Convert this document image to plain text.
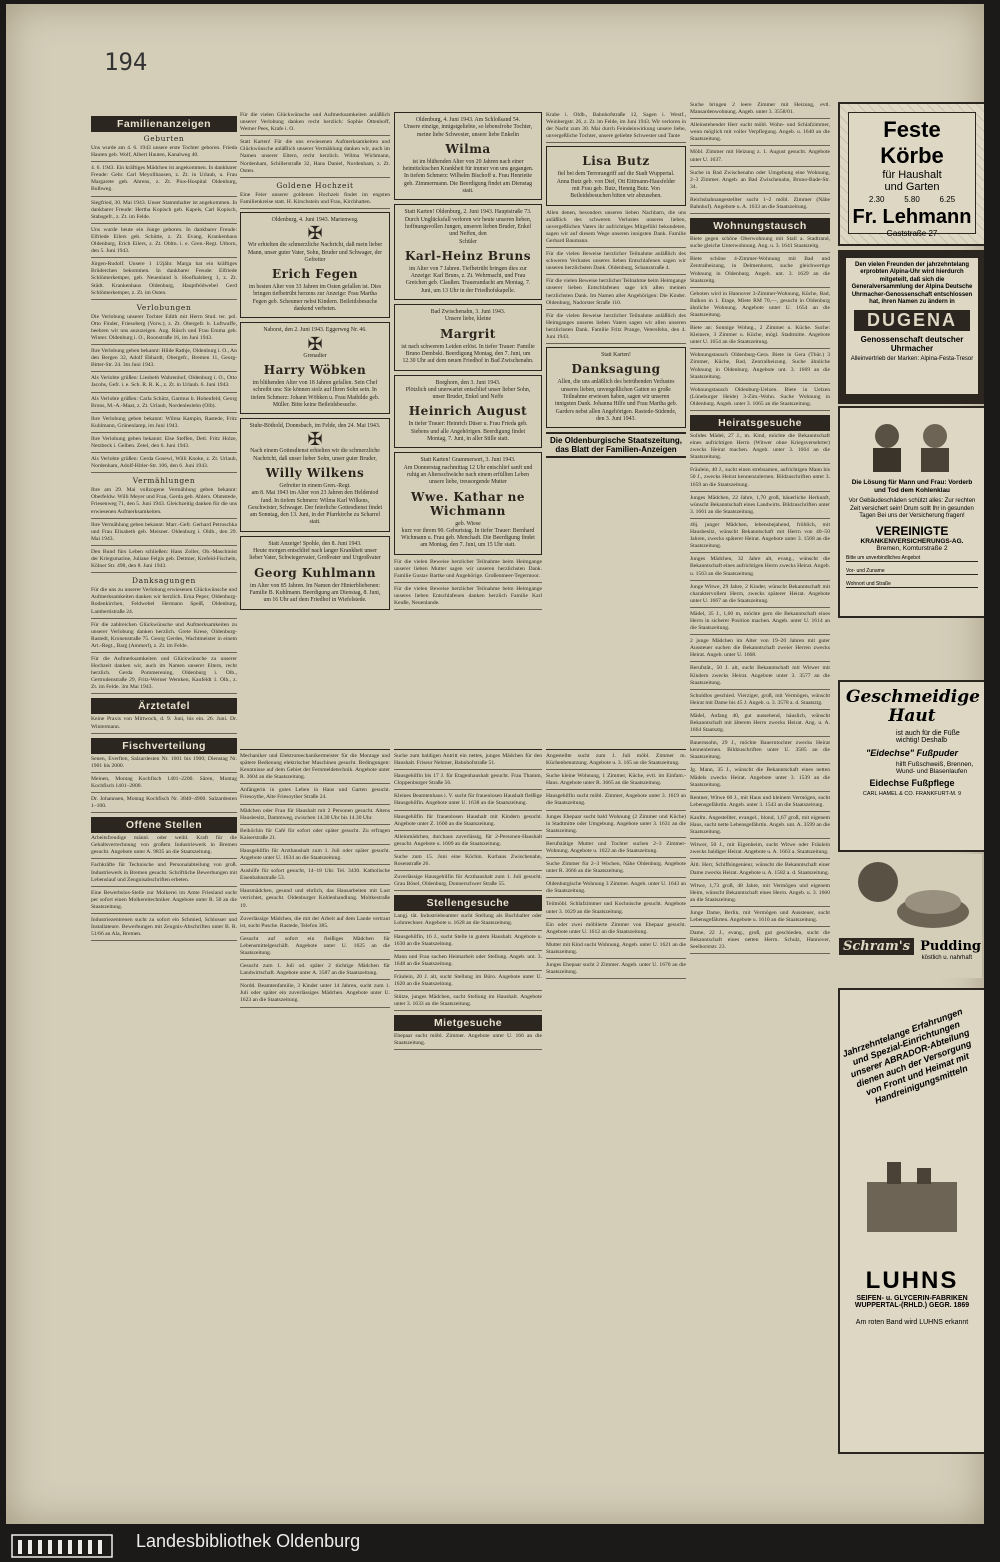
194
Familienanzeigen
Geburten
Uns wurde am 4. 6. 1943 unsere erste Tochter geboren. Frieda Hauten geb. Wolf, Albert Hauten, Kanalweg 40.
4. 6. 1943. Ein kräftiges Mädchen ist angekommen. In dankbarer Freude: Gebr. Carl Meyollhausen, z. Zt. in Urlaub, u. Frau Margarete geb. Ahrens, z. Zt. Pius-Hospital Oldenburg, Bulbweg.
Siegfried, 30. Mai 1943. Unser Stammhalter ist angekommen. In dankbarer Freude: Hertha Kopisch geb. Kapels, Carl Kopisch, Stabsgefr., z. Zt. im Felde.
Uns wurde heute ein Junge geboren. In dankbarer Freude: Elfriede Eilers geb. Schütte, z. Zt. Evang. Krankenhaus Oldenburg, Erich Eilers, z. Zt. Obltn. i. e. Gren.-Regt. Uthorn, den 5. Juni 1943.
Jürgen-Rudolf. Unsere 1 1/2jähr. Marga hat ein kräftiges Brüderchen bekommen. In dankbarer Freude: Elfriede Schlömerkemper, geb. Neuenland b. Hoofhalsberg 1, z. Zt. Städt. Krankenhaus Oldenburg, Hauptfeldwebel Gerd Schlömerkemper, z. Zt. im Osten.
Verlobungen
Die Verlobung unserer Tochter Edith mit Herrn Stud. ter. pol. Otto Finder, Friesoberg (Vorw.), z. Zt. Obergefr. b. Luftwaffe, beehren wir uns anzuzeigen. Aug. Rüsch und Frau Emma geb. Winter. Oldenburg i. O., Roonstraße 16, im Juni 1943.
Ihre Verlobung geben bekannt: Hilde Rathje, Oldenburg i. O., An den Bergen 32, Adolf Ebhardt, Obergefr., Bremen 11, Georg-Bitter-Str. 24. 3m Juni 1943.
Als Verlobte grüßen: Liesbeth Wahrenhof, Oldenburg i. O., Otto Jacobs, Gefr. i. e. Sch. R. R. K., z. Zt. in Urlaub. 6. Juni 1943.
Als Verlobte grüßen: Carla Schütz, Garmus b. Hohenfeld, Georg Brons, M.-A.-Maat, z. Zt. Urlaub, Nordenleslehn (Olb).
Ihre Verlobung geben bekannt: Wilma Kampin, Rastede, Fritz Kuhlmann, Grünenlamp, im Juni 1943.
Ihre Verlobung geben bekannt: Else Steffen, Detl. Fritz Holze, Netzbeck i. Gelben. Zetel, den 6. Juni 1943.
Als Verlobte grüßen: Gerda Gosewi, Willi Knoke, z. Zt. Urlaub, Nordenham, Adolf-Hitler-Str. 106, den 6. Juni 1943.
Vermählungen
Ihre am 29. Mai vollzogene Vermählung geben bekannt: Oberfeldw. Willi Meyer und Frau, Gerda geb. Ahlers. Ohmstede, Friesenweg 71, den 5. Juni 1943. Gleichzeitig danken für die uns erwiesenen Aufmerksamkeiten.
Ihre Vermählung geben bekannt: Marr.-Gefr. Gerhard Petroschka und Frau Elisabeth geb. Meisner. Oldenburg i. Oldb., den 29. Mai 1943.
Den Bund fürs Leben schließen: Hans Zoller, Ob.-Maschinist der Kriegsmarine, Juliane Felgis geb. Dettmer, Krefeld-Fischeln, Kölner Str. 498, den 8. Juni 1943.
Danksagungen
Für die uns zu unserer Verlobung erwiesenen Glückwünsche und Aufmerksamkeiten danken wir herzlich. Erna Peper, Oldenburg-Rodenkirchen, Feldwebel Hermann Speiß, Oldenburg, Lambertistraße 24.
Für die zahlreichen Glückwünsche und Aufmerksamkeiten zu unserer Verlobung danken herzlich. Grete Krese, Oldenburg-Rastedt, Kronenstraße 75. Georg Gerdes, Wachtmeister in einem Art.-Regt., Barg (Ammerl), z. Zt. im Felde.
Für die Aufmerksamkeiten und Glückwünsche zu unserer Hochzeit danken wir, auch im Namen unserer Eltern, recht herzlich. Gerda Pommerening, Oldenburg i. Olb., Gertrudenstraße 29, Fritz-Werner Wemken, Kaufeldt 1. Olb., z. Zt. im Felde. 3m Mai 1943.
Ärztetafel
Keine Praxis von Mittwoch, d. 9. Juni, bis ein. 26. Juni. Dr. Wintermann.
Fischverteilung
Senen, Everften, Salzardesten Nr. 1601 bis 1900; Dienstag Nr. 1901 bis 2000.
Meinen, Montag Kochfisch 1401–2200. Sären, Montag Kochfisch 1401–2800.
Dr. Johannsen, Montag Kochfisch Nr. 3840–4900. Salzardesten 1–100.
Offene Stellen
Arbeitsfreudige männl. oder weibl. Kraft für die Gehaltsverrechnung von großem Industriewerk in Bremen gesucht. Angebote unter A. 9835 an die Staatszeitung.
Fachkräfte für Technische und Personalabteilung von groß. Industriewerk in Bremen gesucht. Schriftliche Bewerbungen mit Lebenslauf und Zeugnisabschriften erbeten.
Eine Bewerbslos-Stelle zur Molkerei im Amte Friesland sucht per sofort einen Molkereitechniker. Angebote unter R. 50 an die Staatszeitung.
Industriezentrenen sucht zu sofort ein Schmied, Schlosser und Installateure. Bewerbungen mit Zeugnis-Abschriften unter B. R. 51/66 an Ala, Bremen.
Für die vielen Glückwünsche und Aufmerksamkeiten anläßlich unserer Verlobung danken recht herzlich: Sophie Ottenhoff, Werner Pees, Krafe i. O.
Statt Karten! Für die uns erwiesenen Aufmerksamkeiten und Glückwünsche anläßlich unserer Vermählung danken wir, auch im Namen unserer Eltern, recht herzlich. Wilma Wichmann, Nordenham, Schillerstraße 32, Hans Daniel, Nordenham, z. Zt. Osten.
Goldene Hochzeit
Eine Feier unserer goldenen Hochzeit findet im engsten Familienkreise statt. H. Kirschstein und Frau, Kirchhatten.
Oldenburg, 4. Juni 1943. Marienweg.
✠
Wir erhielten die schmerzliche Nachricht, daß mein lieber Mann, unser guter Vater, Sohn, Bruder und Schwager, der
Gefreiter
Erich Fegen
im besten Alter von 33 Jahren im Osten gefallen ist. Dies bringen tiefbetrübt herzens zur Anzeige: Frau Martha Fegen geb. Scheumer nebst Kindern. Beileidsbesuche dankend verbeten.
Naborst, den 2. Juni 1943. Eggerweg Nr. 46.
✠
Grenadier
Harry Wöbken
im blühenden Alter von 18 Jahren gefallen. Sein Chef schreibt uns: Sie können stolz auf Ihren Sohn sein. In tiefem Schmerz: Johann Wöbken u. Frau Mathilde geb. Müller. Bitte keine Beileidsbesuche.
Stuhr-Böthold, Donnsbach, im Felde, den 24. Mai 1943.
✠
Nach einem Gottesdienst erhielten wir die schmerzliche Nachricht, daß unser lieber Sohn, unser guter Bruder,
Willy Wilkens
Gefreiter in einem Gren.-Regt.
am 8. Mai 1943 im Alter von 23 Jahren den Heldentod fand. In tiefem Schmerz: Wilma Karl Wilkens, Geschwister, Schwager. Der feierliche Gottesdienst findet am Sonntag, den 13. Juni, in der Pfarrkirche zu Scharrel statt.
Statt Anzeige! Spohle, den 8. Juni 1943.
Heute morgen entschlief nach langer Krankheit unser lieber Vater, Schwiegervater, Großvater und Urgroßvater
Georg Kuhlmann
im Alter von 85 Jahren. Im Namen der Hinterbliebenen: Familie B. Kuhlmann. Beerdigung am Dienstag, 8. Juni, um 16 Uhr auf dem Friedhof in Wiefelstede.
Oldenburg, 4. Juni 1943. Am Schloßsand 54.
Unsere einzige, innigstgeliebte, so lebensfrohe Tochter, meine liebe Schwester, unsere liebe Enkelin
Wilma
ist im blühenden Alter von 20 Jahren nach einer heimtückischen Krankheit für immer von uns gegangen. In tiefem Schmerz: Wilhelm Bischoff u. Frau Henriette geb. Zimmermann. Die Beerdigung findet am Dienstag statt.
Statt Karten! Oldenburg, 2. Juni 1943. Hauptstraße 73.
Durch Unglücksfall verloren wir heute unseren lieben, hoffnungsvollen Jungen, unseren lieben Bruder, Enkel und Neffen, den
Schüler
Karl-Heinz Bruns
im Alter von 7 Jahren. Tiefbetrübt bringen dies zur Anzeige: Karl Bruns, z. Zt. Wehrmacht, und Frau Gretchen geb. Claußen. Trauerandacht am Montag, 7. Juni, um 13 Uhr in der Friedhofskapelle.
Bad Zwischenahn, 3. Juni 1943.
Unsere liebe, kleine
Margrit
ist nach schwerem Leiden erlöst. In tiefer Trauer: Familie Bruno Dembski. Beerdigung Montag, den 7. Juni, um 12.30 Uhr auf dem neuen Friedhof in Bad Zwischenahn.
Borghorn, den 3. Juni 1943.
Plötzlich und unerwartet entschlief unser lieber Sohn, unser Bruder, Enkel und Neffe
Heinrich August
In tiefer Trauer: Heinrich Düser u. Frau Frieda geb. Siebens und alle Angehörigen. Beerdigung findet Montag, 7. Juni, in aller Stille statt.
Statt Karten! Grammersort, 3. Juni 1943.
Am Donnerstag nachmittag 12 Uhr entschlief sanft und ruhig an Altersschwäche nach einem erfüllten Leben unsere liebe, treusorgende Mutter
Wwe. Kathar ne Wichmann
geb. Wiese
kurz vor ihrem 90. Geburtstag. In tiefer Trauer: Bernhard Wichmann u. Frau geb. Menchadt. Die Beerdigung findet am Montag, den 7. Juni, um 15 Uhr statt.
Für die vielen Beweise herzlicher Teilnahme beim Heimgange unserer lieben Mutter sagen wir unseren herzlichsten Dank. Familie Gustav Bartke und Angehörige. Großenmeer-Tegermoor.
Für die vielen Beweise herzlicher Teilnahme beim Heimgange unseres lieben Entschlafenen danken herzlich Familie Karl Keuße, Neuenlande.
Krabe i. Oldb., Bahnhofstraße 12, Sagen i. Westf., Weinbergstr. 26, z. Zt. im Felde, im Juni 1943. Wir verloren in der Nacht zum 30. Mai durch Feindeinwirkung unsere liebe, unvergeßliche Tochter, unsere geliebte Schwester und Tante
Lisa Butz
fiel bei dem Terrorangriff auf die Stadt Wuppertal. Anna Butz geb. von Dief, Ott Eittmann-Hausfelder mit Frau geb. Butz, Hennig Butz. Von Beileidsbesuchen bitten wir abzusehen.
Allen denen, besonders unseren lieben Nachbarn, die uns anläßlich des schweren Verlustes unseres lieben, unvergeßlichen Vaters ihr aufrichtiges Mitgefühl bekundeten, sagen wir auf diesem Wege unseren innigsten Dank. Familie Gerhard Baumann.
Für die vielen Beweise herzlicher Teilnahme anläßlich des schweren Verlustes unseres lieben Entschlafenen sagen wir unseren herzlichsten Dank. Oldenburg, Schanzstraße 4.
Für die vielen Beweise herzlicher Teilnahme beim Heimgange unserer lieben Entschlafenen sage ich allen meinen herzlichsten Dank. Im Namen aller Angehörigen: Die Kinder. Oldenburg, Nadorster Straße 110.
Für die vielen Beweise herzlicher Teilnahme anläßlich des Heimganges unseres lieben Vaters sagen wir allen unseren herzlichsten Dank. Familie Fritz Prange, Vetersfehn, den 4. Juni 1943.
Statt Karten!
Danksagung
Allen, die uns anläßlich des betrübenden Verlustes unseres lieben, unvergeßlichen Gatten so große Teilnahme erwiesen haben, sagen wir unseren innigsten Dank. Johanna Hilfe und Frau Martha geb. Garders nebst allen Angehörigen. Rastede-Südende, den 3. Juni 1943.
Die Oldenburgische Staatszeitung, das Blatt der Familien-Anzeigen
Mechaniker und Elektromechanikermeister für die Montage und spätere Bedienung elektrischer Maschinen gesucht. Bedingungen: Kenntnisse auf dem Gebiet der Fernmeldetechnik. Angebote unter R. 3604 an die Staatszeitung.
Anfängerin in gutes Leben in Haus und Garten gesucht. Friesoythe, Alte Friesoyther Straße 24.
Mädchen oder Frau für Haushalt mit 2 Personen gesucht. Altens Hausbesitz, Dammweg, zwischen 14.30 Uhr bis 14.30 Uhr.
Beiköchin für Café für sofort oder später gesucht. Zu erfragen Kaiserstraße 21.
Hausgehilfin für Arzthaushalt zum 1. Juli oder später gesucht. Angebote unter U. 1634 an die Staatszeitung.
Aushilfe für sofort gesucht, 14–18 Uhr. Tel. 3430. Katholische Eisenbahnstraße 53.
Hausmädchen, gesund und ehrlich, das Hausarbeiten mit Lust verrichtet, gesucht. Oldenburger Kohlenhandlung. Moltkestraße 19.
Zuverlässige Mädchen, die mit der Arbeit auf dem Lande vertraut ist, sucht Pusche. Rastede, Telefon 385.
Gesucht auf sofort ein fleißiges Mädchen für Lebensmittelgeschäft. Angebote unter U. 1625 an die Staatszeitung.
Gesucht zum 1. Juli od. später 2 tüchtige Mädchen für Landwirtschaft. Angebote unter A. 3587 an die Staatszeitung.
Nordd. Beamtenfamilie, 3 Kinder unter 14 Jahren, sucht zum 1. Juli oder später ein zuverlässiges Mädchen. Angebote unter U. 1623 an die Staatszeitung.
Suche zum baldigen Antritt ein nettes, junges Mädchen für den Haushalt. Friseur Nehmer, Bahnhofstraße 51.
Hausgehilfin bis 17 J. für Etagenhaushalt gesucht. Frau Thamm, Cloppenburger Straße 56.
Kleines Beamtenhaus i. V. sucht für frauenlosen Haushalt fleißige Hausgehilfin. Angebote unter U. 1638 an die Staatszeitung.
Hausgehilfin für frauenlosen Haushalt mit Kindern gesucht. Angebote unter Z. 1600 an die Staatszeitung.
Alleinmädchen, durchaus zuverlässig, für 2-Personen-Haushalt gesucht. Angebote u. 1609 an die Staatszeitung.
Suche zum 15. Juni eine Köchin. Kurhaus Zwischenahn, Rosenstraße 26.
Zuverlässige Hausgehilfin für Arzthaushalt zum 1. Juli gesucht. Grau Bösel, Oldenburg, Donnerschwer Straße 55.
Stellengesuche
Langj. tät. Industriebeamter sucht Stellung als Buchhalter oder Lohnrechner. Angebote u. 1628 an die Staatszeitung.
Hausgehilfin, 16 J., sucht Stelle in gutem Haushalt. Angebote u. 1630 an die Staatszeitung.
Mann und Frau suchen Heimarbeit oder Stellung. Angeb. unt. 3. 1648 an die Staatszeitung.
Fräulein, 20 J. alt, sucht Stellung im Büro. Angebote unter U. 1620 an die Staatszeitung.
Stütze, junges Mädchen, sucht Stellung im Haushalt. Angebote unter 3. 1633 an die Staatszeitung.
Mietgesuche
Ehepaar sucht möbl. Zimmer. Angebote unter U. 166 an die Staatszeitung.
Angestellte sucht zum 1. Juli möbl. Zimmer m. Küchenbenutzung. Angebote u. 3. 165 an die Staatszeitung.
Suche kleine Wohnung, 1 Zimmer, Küche, evtl. im Einfam.-Haus. Angebote unter R. 3665 an die Staatszeitung.
Hausgehilfin sucht möbl. Zimmer, Angebote unter 3. 1619 an die Staatszeitung.
Junges Ehepaar sucht bald Wohnung (2 Zimmer und Küche) in Stadtmitte oder Umgebung. Angebote unter 3. 1631 an die Staatszeitung.
Berufstätige Mutter und Tochter suchen 2–3 Zimmer-Wohnung. Angebote u. 1622 an die Staatszeitung.
Suche Zimmer für 2–3 Wochen, Nähe Oldenburg. Angebote unter R. 3666 an die Staatszeitung.
Oldenburgische Wohnung 3 Zimmer. Angeb. unter U. 1643 an die Staatszeitung.
Teilmöbl. Schlafzimmer und Kochnische gesucht. Angebote unter 3. 1629 an die Staatszeitung.
Ein oder zwei möblierte Zimmer von Ehepaar gesucht. Angebote unter U. 1612 an die Staatszeitung.
Mutter mit Kind sucht Wohnung. Angeb. unter U. 1621 an die Staatszeitung.
Junges Ehepaar sucht 2 Zimmer. Angeb. unter U. 1670 an die Staatszeitung.
Suche bringen 2 leere Zimmer mit Heizung, evtl. Mansardenwohnung. Angeb. unter 3. 3558/01.
Alleinstehender Herr sucht möbl. Wohn- und Schlafzimmer, wenn möglich mit voller Verpflegung. Angeb. u. 1640 an die Staatszeitung.
Möbl. Zimmer mit Heizung z. 1. August gesucht. Angebote unter U. 1637.
Suche in Bad Zwischenahn oder Umgebung eine Wohnung, 2–3 Zimmer. Angeb. an Bad Zwischenahn, Bruno-Bade-Str. 34.
Reichsbahnangestellter sucht 1–2 möbl. Zimmer (Nähe Bahnhof). Angebote u. A. 1633 an die Staatszeitung.
Wohnungstausch
Biete gegen schöne Oberwohnung mit Stall a. Stadtrand, suche gleiche Unterwohnung. Ang. u. 3. 1641 Staatszeitg.
Biete schöne 4-Zimmer-Wohnung mit Bad und Zentralheizung, in Delmenhorst, suche gleichwertige Wohnung in Oldenburg. Angeb. unt. 3. 1629 an die Staatszeitg.
Geboten wird in Hannover 3-Zimmer-Wohnung, Küche, Bad, Balkon in 1. Etage, Miete RM 70,—, gesucht in Oldenburg ähnliche Wohnung. Angebote unter U. 1654 an die Staatszeitung.
Biete an: Sonnige Wohng., 2 Zimmer u. Küche. Suche: Kleinere, 3 Zimmer u. Küche, mögl. Stadtmitte. Angebote unter U. 1654 an die Staatszeitung.
Wohnungstausch Oldenburg-Gera. Biete in Gera (Thür.) 3 Zimmer, Küche, Bad, Zentralheizung. Suche ähnliche Wohnung in Oldenburg. Angebote unt. 3. 1669 an die Staatszeitung.
Wohnungstausch Oldenburg-Uelzen. Biete in Uelzen (Lüneburger Heide) 3-Zim.-Wohn. Suche Wohnung in Oldenburg. Angeb. unter 3. 1665 an die Staatszeitung.
Heiratsgesuche
Solides Mädel, 27 J., m. Kind, möchte die Bekanntschaft eines aufrichtigen Herrn (Witwer ohne Kriegsversehrter) zwecks Heirat machen. Angeb. unter 3. 1664 an die Staatszeitung.
Fräulein, 40 J., sucht einen strebsamen, aufrichtigen Mann bis 50 J., zwecks Heirat kennenzulernen. Bildzuschriften unter 3. 1659 an die Staatszeitung.
Junges Mädchen, 22 Jahre, 1,70 groß, bäuerliche Herkunft, wünscht Bekanntschaft eines Landwirts. Bildzuschriften unter 3. 1661 an die Staatszeitung.
46j. junger Mädchen, lebensbejahend, fröhlich, mit Hausbesitz, wünscht Bekanntschaft mit Herrn von 40–50 Jahren, zwecks späterer Heirat. Angebote unter 3. 1568 an die Staatszeitung.
Junges Mädchen, 32 Jahre alt, evang., wünscht die Bekanntschaft eines aufrichtigen Herrn zwecks Heirat. Angeb. u. 1563 an die Staatszeitung.
Junge Witwe, 29 Jahre, 2 Kinder, wünscht Bekanntschaft mit charaktervollem Herrn, zwecks späterer Heirat. Angebote unter U. 1667 an die Staatszeitung.
Mädel, 35 J., 1,60 m, möchte gern die Bekanntschaft eines Herrn in sicherer Position machen. Angeb. unter U. 1614 an die Staatszeitung.
2 junge Mädchen im Alter von 19–20 Jahren mit guter Aussteuer suchen die Bekanntschaft zweier Herren zwecks Heirat. Angeb. unter U. 1668.
Berufstät., 50 J. alt, sucht Bekanntschaft mit Witwer mit Kindern zwecks Heirat. Angebote unter 3. 3577 an die Staatszeitung.
Schuldlos geschied. Vierziger, groß, mit Vermögen, wünscht Heirat mit Dame bis 45 J. Angeb. u. 3. 3578 a. d. Staatsztg.
Mädel, Anfang 40, gut aussehend, häuslich, wünscht Bekanntschaft mit älterem Herrn zwecks Heirat. Ang. u. A. 1664 Staatsztg.
Bauernsohn, 29 J., möchte Bauerntochter zwecks Heirat kennenlernen. Bildzuschriften unter U. 3585 an die Staatszeitung.
Jg. Mann, 35 J., wünscht die Bekanntschaft eines netten Mädels zwecks Heirat. Angebote unter 3. 1539 an die Staatszeitung.
Rentner, Witwe 60 J., mit Haus und kleinem Vermögen, sucht Lebensgefährtin. Angeb. unter 3. 1543 an die Staatszeitung.
Kaufm. Angestellter, evangel., blond, 1,67 groß, mit eigenem Haus, sucht nette Lebensgefährtin. Angeb. unt. A. 3599 an die Staatszeitung.
Witwer, 50 J., mit Eigenheim, sucht Witwe oder Fräulein zwecks baldiger Heirat. Angebote u. A. 1663 a. Staatszeitung.
Ältl. Herr, Schiffsingenieur, wünscht die Bekanntschaft einer Dame zwecks Heirat. Angebote u. A. 1582 a. d. Staatszeitung.
Witwe, 1,73 groß, 48 Jahre, mit Vermögen und eigenem Heim, wünscht Bekanntschaft eines Herrn. Angeb. u. 3. 1660 an die Staatszeitung.
Junge Dame, Berlin, mit Vermögen und Aussteuer, sucht Lebensgefährten. Angebote u. 1610 an die Staatszeitung.
Dame, 22 J., evang., groß, gut geschieden, sucht die Bekanntschaft eines netten Herrn. Schulz, Hannover, Seelhorststr. 23.
Feste Körbe
für Haushalt
und Garten
2.30 5.80 6.25
Fr. Lehmann
Gaststraße 27
Den vielen Freunden der jahrzehntelang erprobten Alpina-Uhr wird hierdurch mitgeteilt, daß sich die Generalversammlung der Alpina Deutsche Uhrmacher-Genossenschaft entschlossen hat, ihren Namen zu ändern in
DUGENA
Genossenschaft deutscher Uhrmacher
Alleinvertrieb der Marken: Alpina-Festa-Tresor
Die Lösung für Mann und Frau: Vorderb und Tod dem Kohlenklau
Vor Gebäudeschäden schützt alles: Zur rechten Zeit versichert sein! Drum sollt Ihr in gesunden Tagen Bei uns der Versicherung fragen!
VEREINIGTE
KRANKENVERSICHERUNGS-AG.
Bremen, Komturstraße 2
Bitte um unverbindliches Angebot
Vor- und Zuname
Wohnort und Straße
Geschmeidige Haut
ist auch für die Füße wichtig! Deshalb
"Eidechse" Fußpuder
hilft Fußschweiß, Brennen, Wund- und Blasenlaufen
Eidechse Fußpflege
CARL HAMEL & CO. FRANKFURT-M. 9
Schram's Pudding
köstlich u. nahrhaft
Jahrzehntelange Erfahrungen und Spezial-Einrichtungen unserer ABRADOR-Abteilung dienen auch der Versorgung von Front und Heimat mit Handreinigungsmitteln
LUHNS
SEIFEN- u. GLYCERIN-FABRIKEN
WUPPERTAL-(RHLD.) GEGR. 1869
Am roten Band wird LUHNS erkannt
Landesbibliothek Oldenburg
